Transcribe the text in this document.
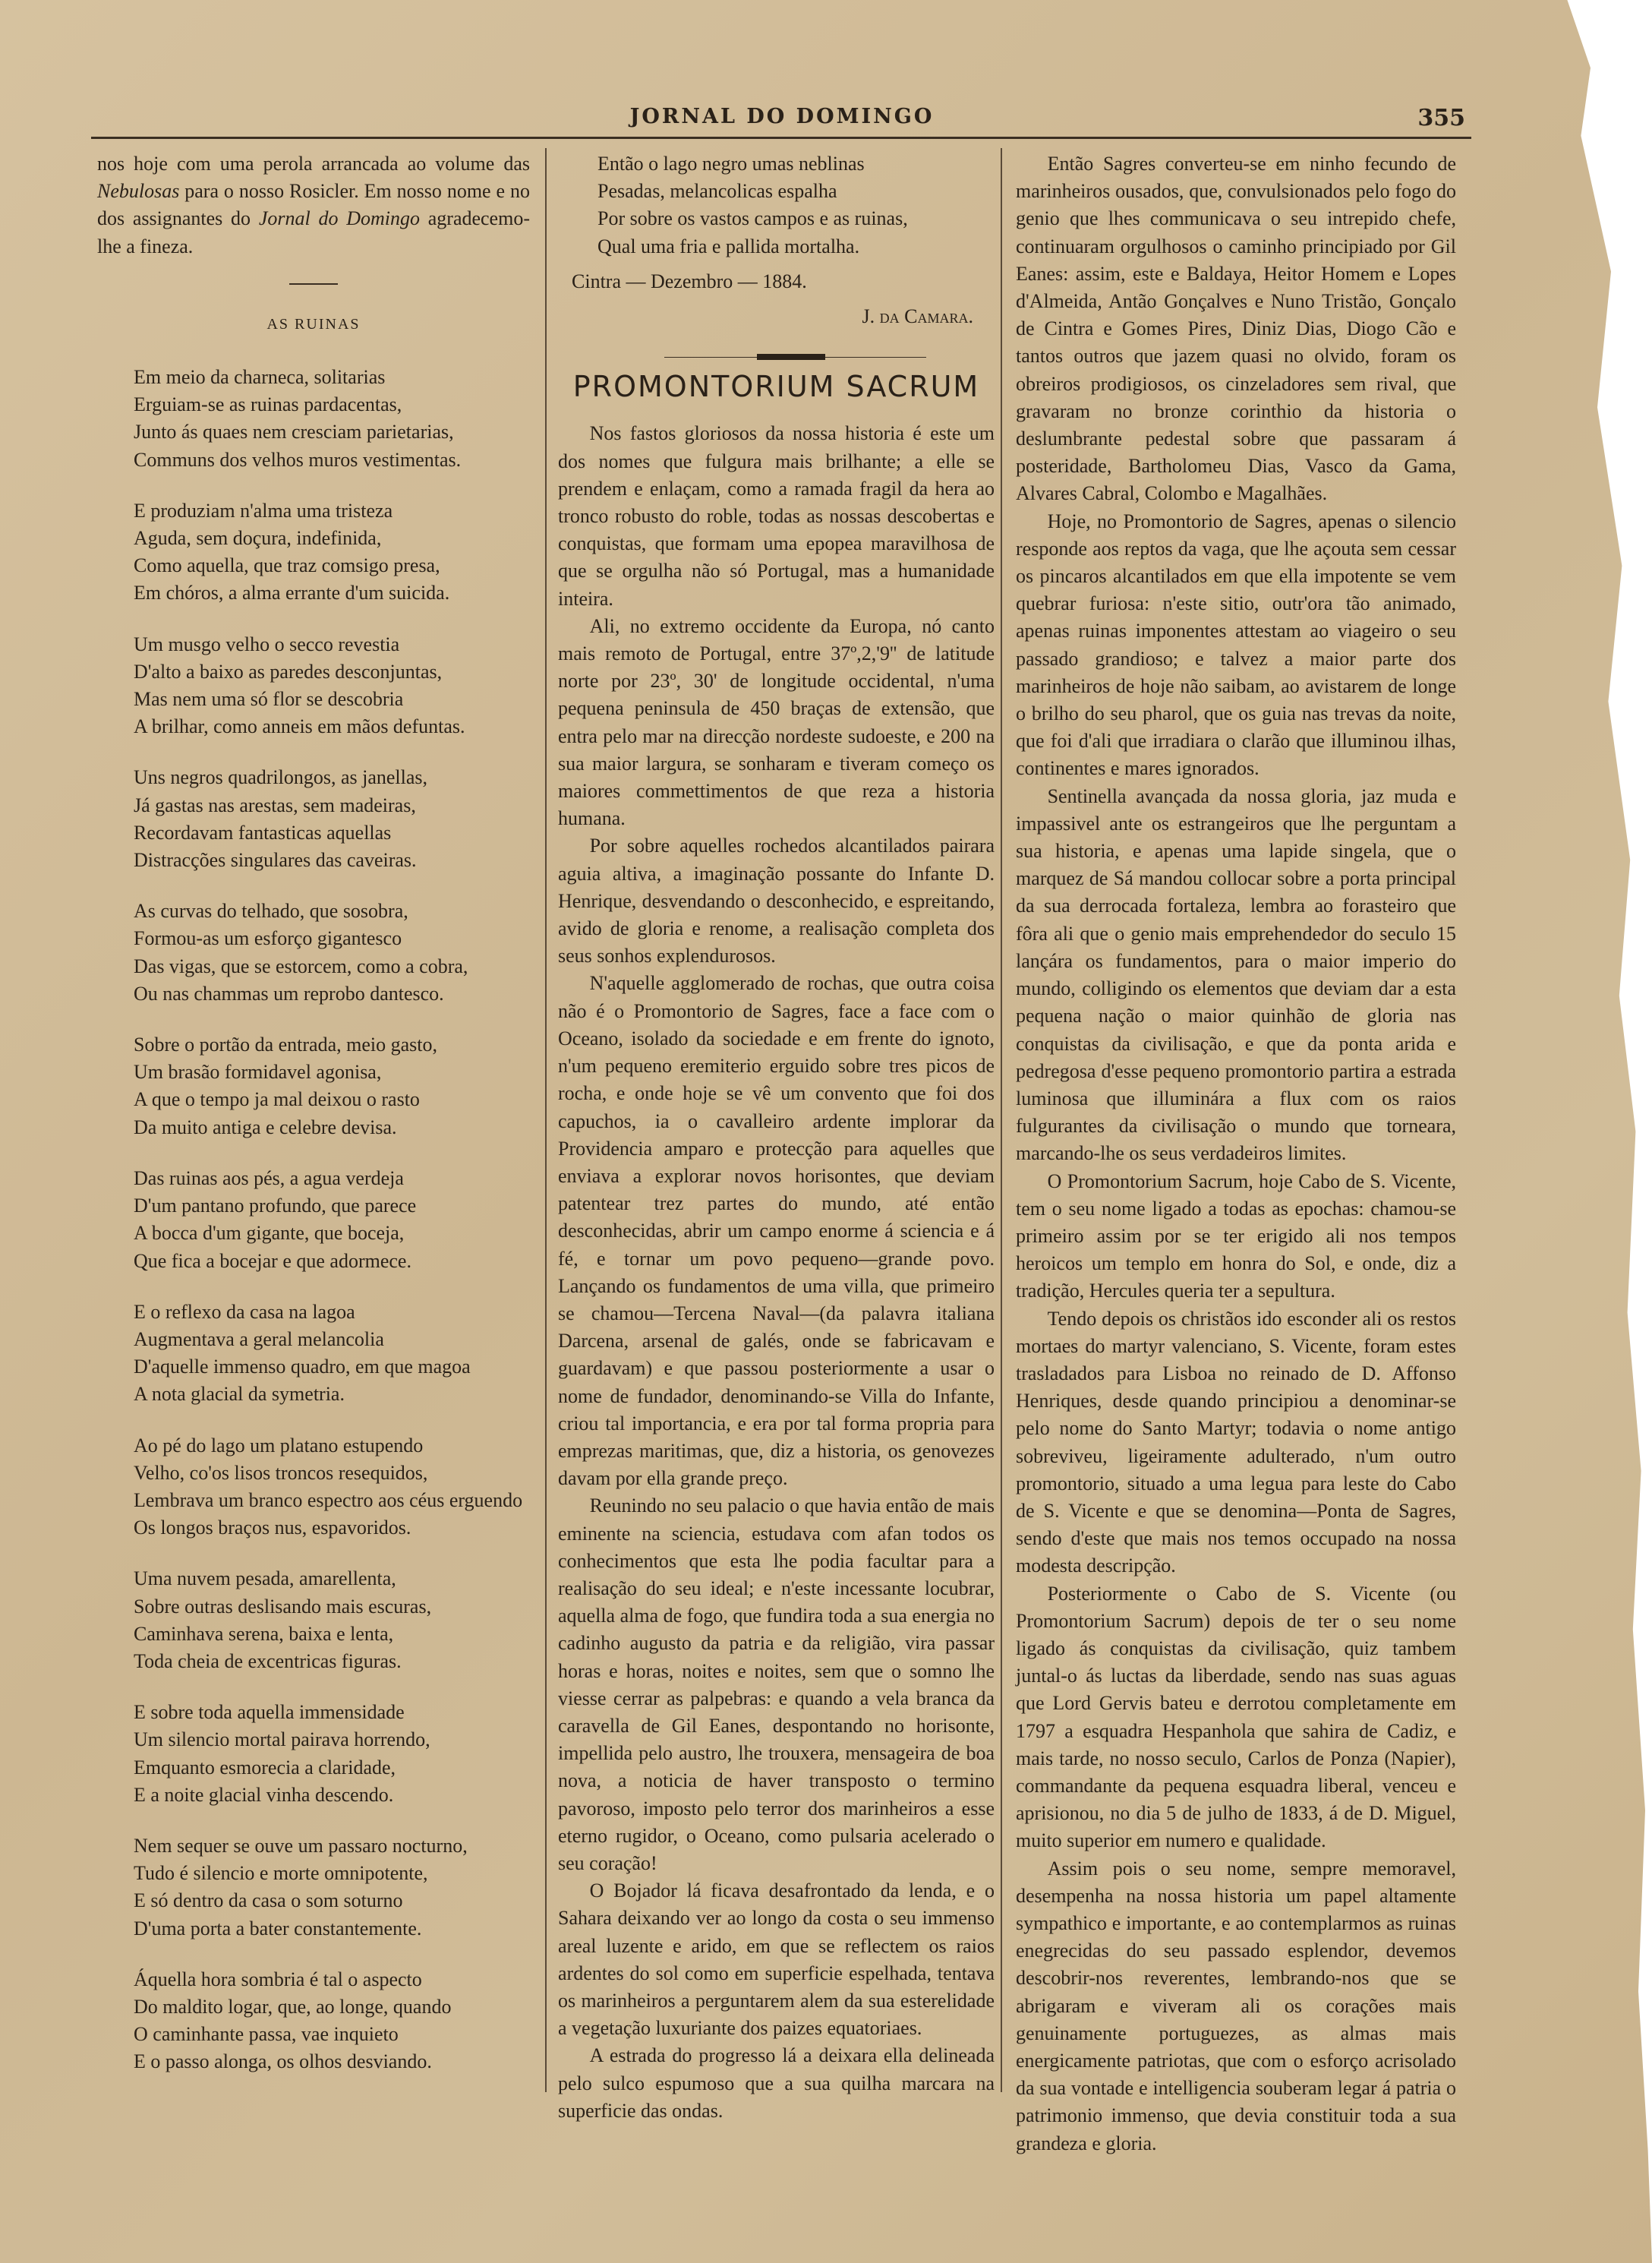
JORNAL DO DOMINGO	355

nos hoje com uma perola arrancada ao volume das Nebulosas para o nosso Rosicler. Em nosso nome e no dos assignantes do Jornal do Domingo agradecemo-lhe a fineza.

AS RUINAS
Em meio da charneca, solitarias
Erguiam-se as ruinas pardacentas,
Junto ás quaes nem cresciam parietarias,
Communs dos velhos muros vestimentas.
E produziam n'alma uma tristeza
Aguda, sem doçura, indefinida,
Como aquella, que traz comsigo presa,
Em chóros, a alma errante d'um suicida.
Um musgo velho o secco revestia
D'alto a baixo as paredes desconjuntas,
Mas nem uma só flor se descobria
A brilhar, como anneis em mãos defuntas.
Uns negros quadrilongos, as janellas,
Já gastas nas arestas, sem madeiras,
Recordavam fantasticas aquellas
Distracções singulares das caveiras.
As curvas do telhado, que sosobra,
Formou-as um esforço gigantesco
Das vigas, que se estorcem, como a cobra,
Ou nas chammas um reprobo dantesco.
Sobre o portão da entrada, meio gasto,
Um brasão formidavel agonisa,
A que o tempo ja mal deixou o rasto
Da muito antiga e celebre devisa.
Das ruinas aos pés, a agua verdeja
D'um pantano profundo, que parece
A bocca d'um gigante, que boceja,
Que fica a bocejar e que adormece.
E o reflexo da casa na lagoa
Augmentava a geral melancolia
D'aquelle immenso quadro, em que magoa
A nota glacial da symetria.
Ao pé do lago um platano estupendo
Velho, co'os lisos troncos resequidos,
Lembrava um branco espectro aos céus erguendo
Os longos braços nus, espavoridos.
Uma nuvem pesada, amarellenta,
Sobre outras deslisando mais escuras,
Caminhava serena, baixa e lenta,
Toda cheia de excentricas figuras.
E sobre toda aquella immensidade
Um silencio mortal pairava horrendo,
Emquanto esmorecia a claridade,
E a noite glacial vinha descendo.
Nem sequer se ouve um passaro nocturno,
Tudo é silencio e morte omnipotente,
E só dentro da casa o som soturno
D'uma porta a bater constantemente.
Áquella hora sombria é tal o aspecto
Do maldito logar, que, ao longe, quando
O caminhante passa, vae inquieto
E o passo alonga, os olhos desviando.
Então o lago negro umas neblinas
Pesadas, melancolicas espalha
Por sobre os vastos campos e as ruinas,
Qual uma fria e pallida mortalha.
Cintra — Dezembro — 1884.
J. da Camara.
PROMONTORIUM SACRUM

Nos fastos gloriosos da nossa historia é este um dos nomes que fulgura mais brilhante; a elle se prendem e enlaçam, como a ramada fragil da hera ao tronco robusto do roble, todas as nossas descobertas e conquistas, que formam uma epopea maravilhosa de que se orgulha não só Portugal, mas a humanidade inteira.

Ali, no extremo occidente da Europa, nó canto mais remoto de Portugal, entre 37º,2,'9'' de latitude norte por 23º, 30' de longitude occidental, n'uma pequena peninsula de 450 braças de extensão, que entra pelo mar na direcção nordeste sudoeste, e 200 na sua maior largura, se sonharam e tiveram começo os maiores commettimentos de que reza a historia humana.

Por sobre aquelles rochedos alcantilados pairara aguia altiva, a imaginação possante do Infante D. Henrique, desvendando o desconhecido, e espreitando, avido de gloria e renome, a realisação completa dos seus sonhos explendurosos.

N'aquelle agglomerado de rochas, que outra coisa não é o Promontorio de Sagres, face a face com o Oceano, isolado da sociedade e em frente do ignoto, n'um pequeno eremiterio erguido sobre tres picos de rocha, e onde hoje se vê um convento que foi dos capuchos, ia o cavalleiro ardente implorar da Providencia amparo e protecção para aquelles que enviava a explorar novos horisontes, que deviam patentear trez partes do mundo, até então desconhecidas, abrir um campo enorme á sciencia e á fé, e tornar um povo pequeno—grande povo. Lançando os fundamentos de uma villa, que primeiro se chamou—Tercena Naval—(da palavra italiana Darcena, arsenal de galés, onde se fabricavam e guardavam) e que passou posteriormente a usar o nome de fundador, denominando-se Villa do Infante, criou tal importancia, e era por tal forma propria para emprezas maritimas, que, diz a historia, os genovezes davam por ella grande preço.

Reunindo no seu palacio o que havia então de mais eminente na sciencia, estudava com afan todos os conhecimentos que esta lhe podia facultar para a realisação do seu ideal; e n'este incessante locubrar, aquella alma de fogo, que fundira toda a sua energia no cadinho augusto da patria e da religião, vira passar horas e horas, noites e noites, sem que o somno lhe viesse cerrar as palpebras: e quando a vela branca da caravella de Gil Eanes, despontando no horisonte, impellida pelo austro, lhe trouxera, mensageira de boa nova, a noticia de haver transposto o termino pavoroso, imposto pelo terror dos marinheiros a esse eterno rugidor, o Oceano, como pulsaria acelerado o seu coração!

O Bojador lá ficava desafrontado da lenda, e o Sahara deixando ver ao longo da costa o seu immenso areal luzente e arido, em que se reflectem os raios ardentes do sol como em superficie espelhada, tentava os marinheiros a perguntarem alem da sua esterelidade a vegetação luxuriante dos paizes equatoriaes.

A estrada do progresso lá a deixara ella delineada pelo sulco espumoso que a sua quilha marcara na superficie das ondas.

Então Sagres converteu-se em ninho fecundo de marinheiros ousados, que, convulsionados pelo fogo do genio que lhes communicava o seu intrepido chefe, continuaram orgulhosos o caminho principiado por Gil Eanes: assim, este e Baldaya, Heitor Homem e Lopes d'Almeida, Antão Gonçalves e Nuno Tristão, Gonçalo de Cintra e Gomes Pires, Diniz Dias, Diogo Cão e tantos outros que jazem quasi no olvido, foram os obreiros prodigiosos, os cinzeladores sem rival, que gravaram no bronze corinthio da historia o deslumbrante pedestal sobre que passaram á posteridade, Bartholomeu Dias, Vasco da Gama, Alvares Cabral, Colombo e Magalhães.

Hoje, no Promontorio de Sagres, apenas o silencio responde aos reptos da vaga, que lhe açouta sem cessar os pincaros alcantilados em que ella impotente se vem quebrar furiosa: n'este sitio, outr'ora tão animado, apenas ruinas imponentes attestam ao viageiro o seu passado grandioso; e talvez a maior parte dos marinheiros de hoje não saibam, ao avistarem de longe o brilho do seu pharol, que os guia nas trevas da noite, que foi d'ali que irradiara o clarão que illuminou ilhas, continentes e mares ignorados.

Sentinella avançada da nossa gloria, jaz muda e impassivel ante os estrangeiros que lhe perguntam a sua historia, e apenas uma lapide singela, que o marquez de Sá mandou collocar sobre a porta principal da sua derrocada fortaleza, lembra ao forasteiro que fôra ali que o genio mais emprehendedor do seculo 15 lançára os fundamentos, para o maior imperio do mundo, colligindo os elementos que deviam dar a esta pequena nação o maior quinhão de gloria nas conquistas da civilisação, e que da ponta arida e pedregosa d'esse pequeno promontorio partira a estrada luminosa que illuminára a flux com os raios fulgurantes da civilisação o mundo que torneara, marcando-lhe os seus verdadeiros limites.

O Promontorium Sacrum, hoje Cabo de S. Vicente, tem o seu nome ligado a todas as epochas: chamou-se primeiro assim por se ter erigido ali nos tempos heroicos um templo em honra do Sol, e onde, diz a tradição, Hercules queria ter a sepultura.

Tendo depois os christãos ido esconder ali os restos mortaes do martyr valenciano, S. Vicente, foram estes trasladados para Lisboa no reinado de D. Affonso Henriques, desde quando principiou a denominar-se pelo nome do Santo Martyr; todavia o nome antigo sobreviveu, ligeiramente adulterado, n'um outro promontorio, situado a uma legua para leste do Cabo de S. Vicente e que se denomina—Ponta de Sagres, sendo d'este que mais nos temos occupado na nossa modesta descripção.

Posteriormente o Cabo de S. Vicente (ou Promontorium Sacrum) depois de ter o seu nome ligado ás conquistas da civilisação, quiz tambem juntal-o ás luctas da liberdade, sendo nas suas aguas que Lord Gervis bateu e derrotou completamente em 1797 a esquadra Hespanhola que sahira de Cadiz, e mais tarde, no nosso seculo, Carlos de Ponza (Napier), commandante da pequena esquadra liberal, venceu e aprisionou, no dia 5 de julho de 1833, á de D. Miguel, muito superior em numero e qualidade.

Assim pois o seu nome, sempre memoravel, desempenha na nossa historia um papel altamente sympathico e importante, e ao contemplarmos as ruinas enegrecidas do seu passado esplendor, devemos descobrir-nos reverentes, lembrando-nos que se abrigaram e viveram ali os corações mais genuinamente portuguezes, as almas mais energicamente patriotas, que com o esforço acrisolado da sua vontade e intelligencia souberam legar á patria o patrimonio immenso, que devia constituir toda a sua grandeza e gloria.
